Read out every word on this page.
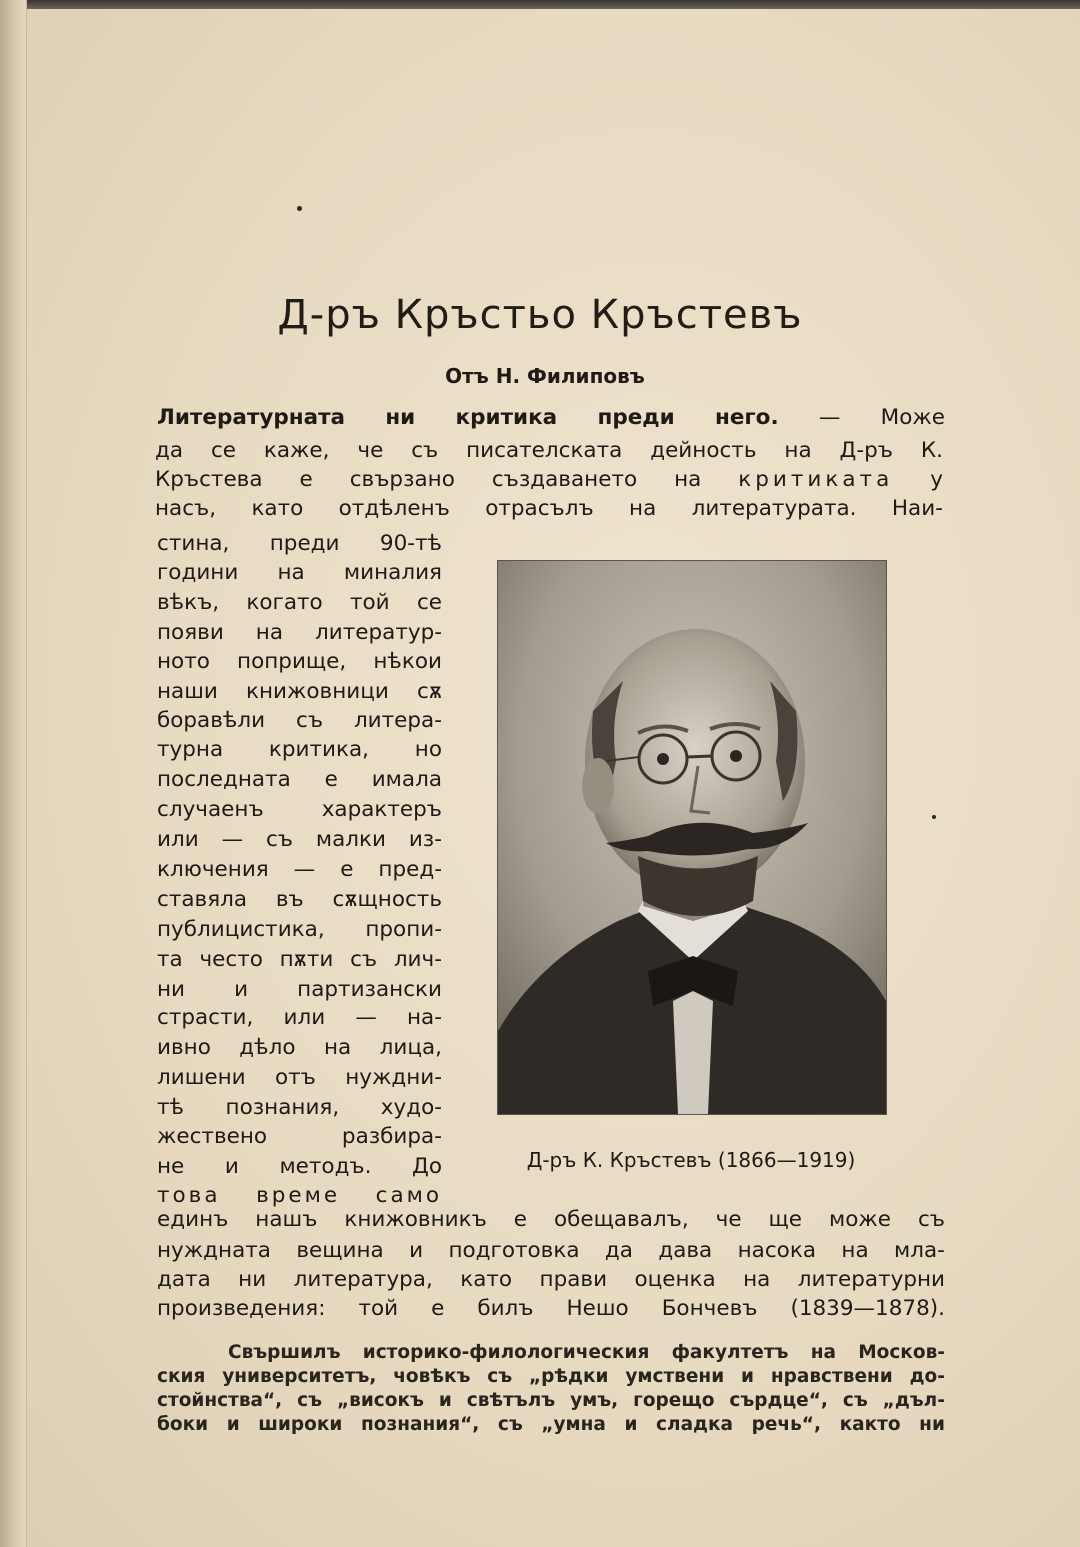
Д-ръ Кръстьо Кръстевъ
Отъ Н. Филиповъ
Литературната ни критика преди него. — Може
да се каже, че съ писателската дейность на Д-ръ К.
Кръстева е свързано създаването на критиката у
насъ, като отдѣленъ отрасълъ на литературата. Наи-
стина, преди 90-тѣ
години на миналия
вѣкъ, когато той се
появи на литератур-
ното поприще, нѣкои
наши книжовници сѫ
боравѣли съ литера-
турна критика, но
последната е имала
случаенъ	характеръ
или — съ малки из-
ключения — е пред-
ставяла въ сѫщность
публицистика, пропи-
та често пѫти съ лич-
ни и партизански
страсти, или — на-
ивно дѣло на лица,
лишени отъ нуждни-
тѣ познания, худо-
жествено	разбира-
не и методъ. До
това време само
Д-ръ К. Кръстевъ (1866—1919)
единъ нашъ книжовникъ е обещавалъ, че ще може съ
нуждната вещина и подготовка да дава насока на мла-
дата ни литература, като прави оценка на литературни
произведения: той е билъ Нешо Бончевъ (1839—1878).
Свършилъ историко-филологическия факултетъ на Москов-
ския университетъ, човѣкъ съ „рѣдки умствени и нравствени до-
стойнства“, съ „високъ и свѣтълъ умъ, горещо сърдце“, съ „дъл-
боки и широки познания“, съ „умна и сладка речь“, както ни
